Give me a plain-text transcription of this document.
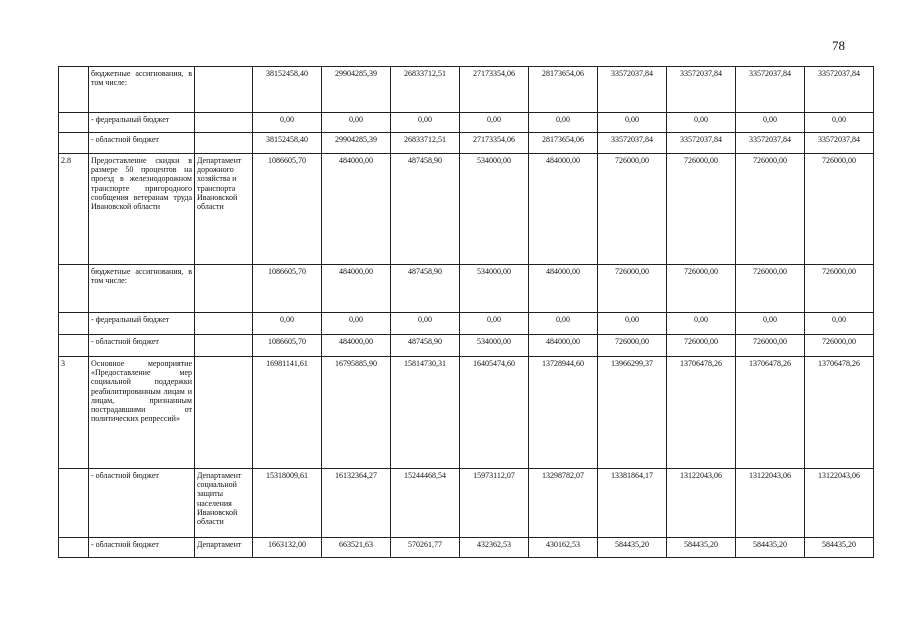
78
	бюджетные ассигнования, в том числе:		38152458,40	29904285,39	26833712,51	27173354,06	28173654,06	33572037,84	33572037,84	33572037,84	33572037,84
	- федеральный бюджет		0,00	0,00	0,00	0,00	0,00	0,00	0,00	0,00	0,00
	- областной бюджет		38152458,40	29904285,39	26833712,51	27173354,06	28173654,06	33572037,84	33572037,84	33572037,84	33572037,84
2.8	Предоставление скидки в размере 50 процентов на проезд в железнодорожном транспорте пригородного сообщения ветеранам труда Ивановской области	Департамент дорожного хозяйства и транспорта Ивановской области	1086605,70	484000,00	487458,90	534000,00	484000,00	726000,00	726000,00	726000,00	726000,00
	бюджетные ассигнования, в том числе:		1086605,70	484000,00	487458,90	534000,00	484000,00	726000,00	726000,00	726000,00	726000,00
	- федеральный бюджет		0,00	0,00	0,00	0,00	0,00	0,00	0,00	0,00	0,00
	- областной бюджет		1086605,70	484000,00	487458,90	534000,00	484000,00	726000,00	726000,00	726000,00	726000,00
3	Основное мероприятие «Предоставление мер социальной поддержки реабилитированным лицам и лицам, признанным пострадавшими от политических репрессий»		16981141,61	16795885,90	15814730,31	16405474,60	13728944,60	13966299,37	13706478,26	13706478,26	13706478,26
	- областной бюджет	Департамент социальной защиты населения Ивановской области	15318009,61	16132364,27	15244468,54	15973112,07	13298782,07	13381864,17	13122043,06	13122043,06	13122043,06
	- областной бюджет	Департамент	1663132,00	663521,63	570261,77	432362,53	430162,53	584435,20	584435,20	584435,20	584435,20
